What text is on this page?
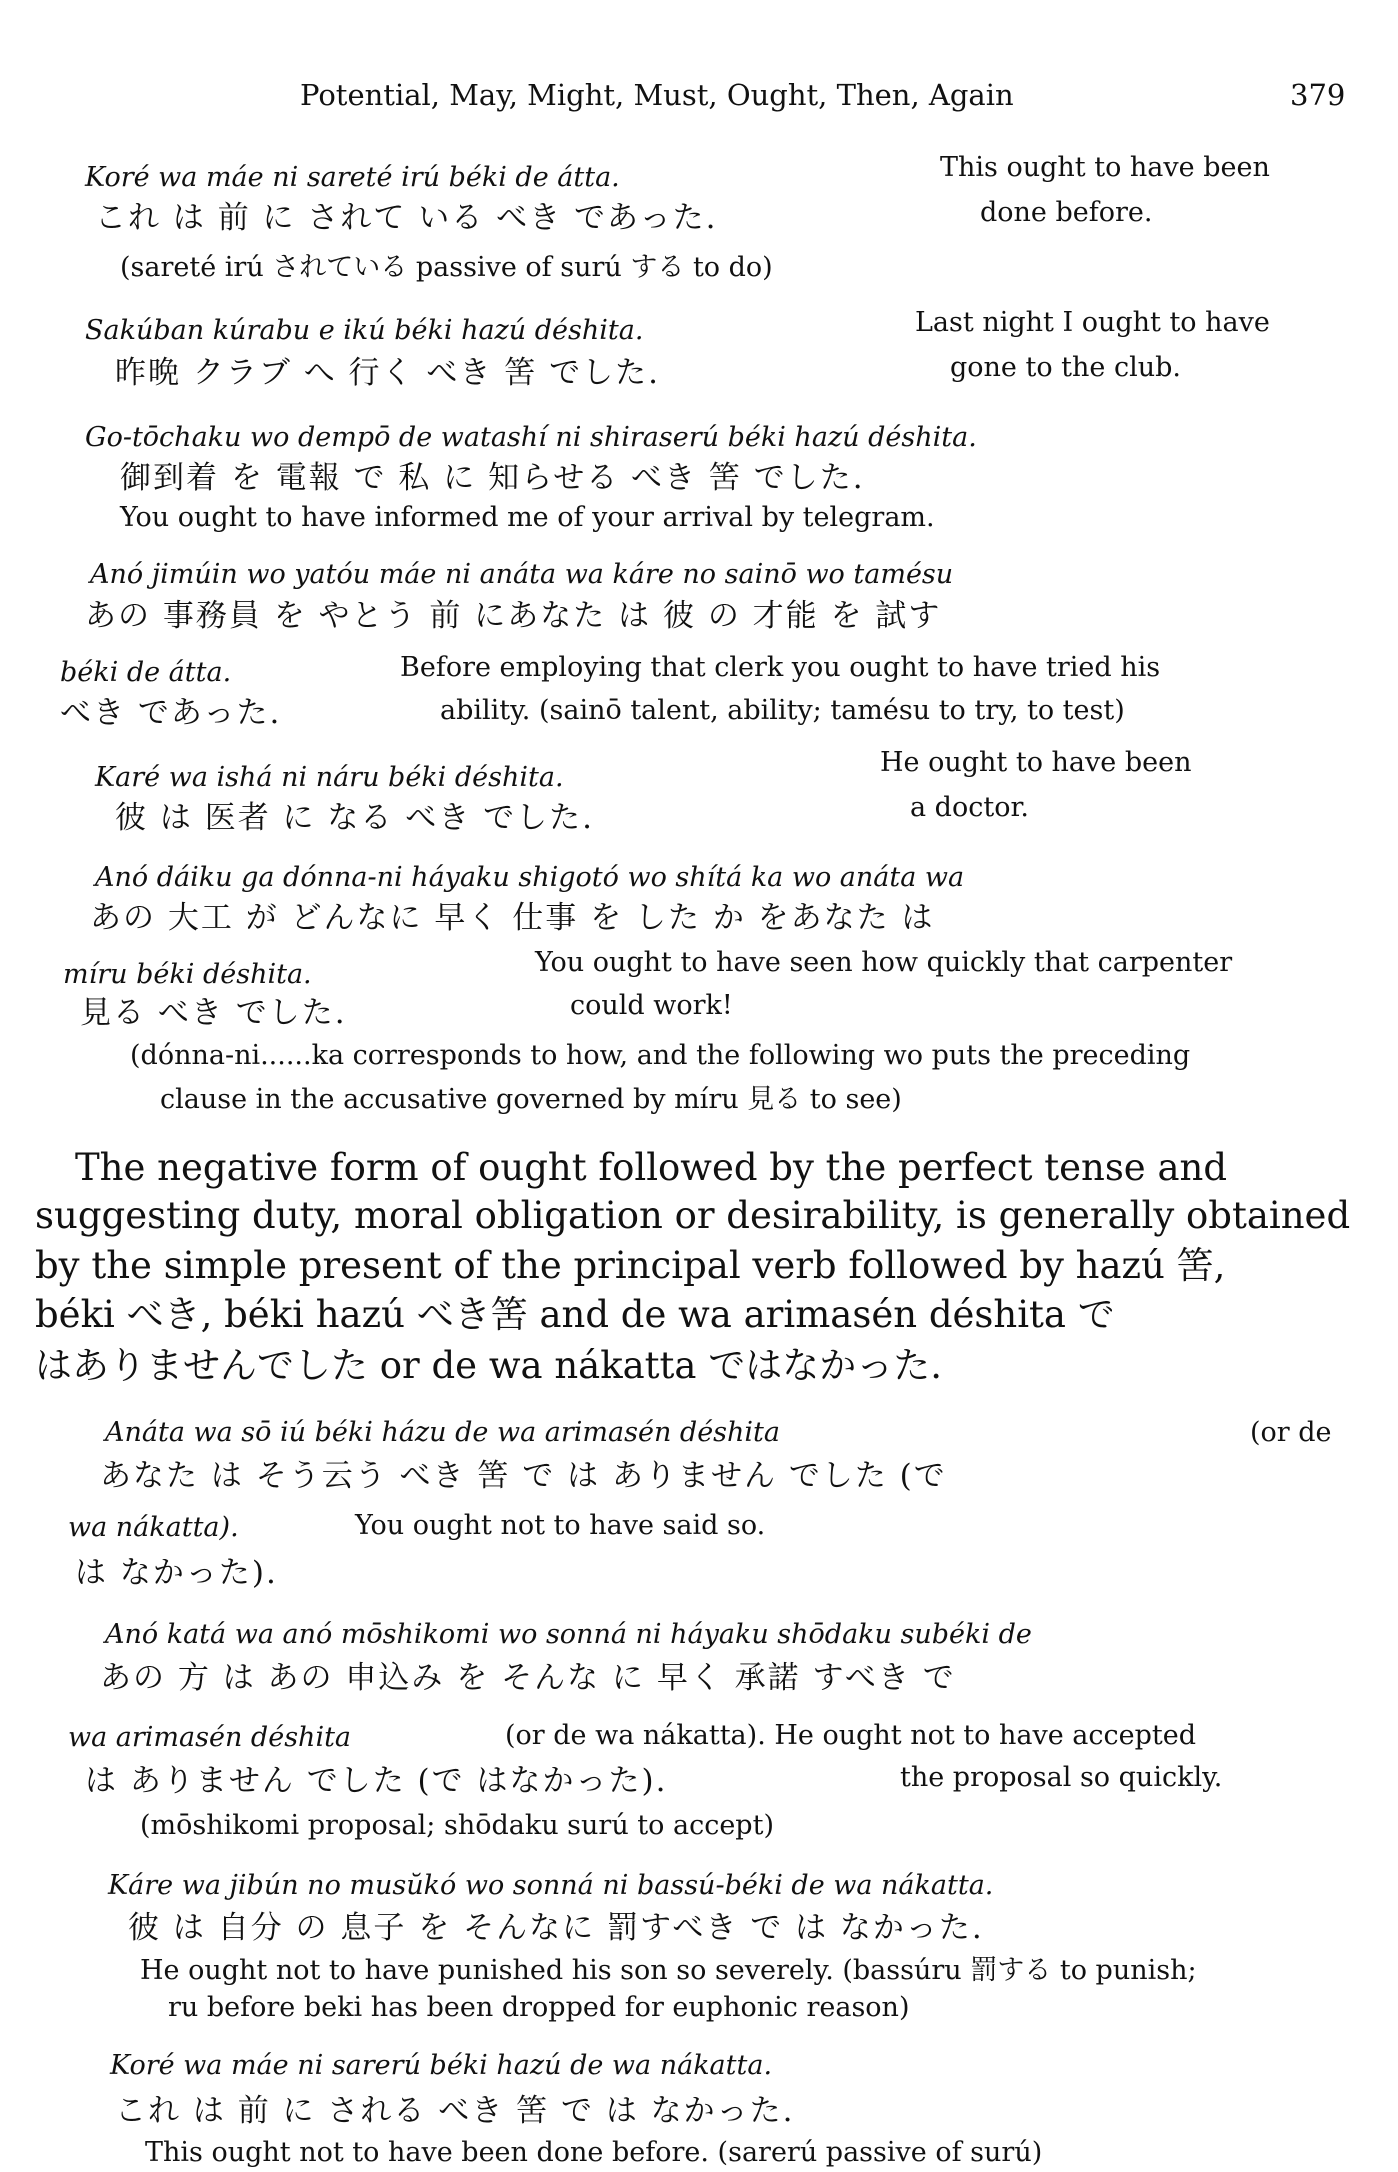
Potential, May, Might, Must, Ought, Then, Again	379
Koré wa máe ni sareté irú béki de átta.	This ought to have been
これ は 前 に されて いる べき であった.	done before.
(sareté irú されている passive of surú する to do)
Sakúban kúrabu e ikú béki hazú déshita.	Last night I ought to have
昨晩 クラブ へ 行く べき 筈 でした.	gone to the club.
Go-tōchaku wo dempō de watashí ni shiraserú béki hazú déshita.
御到着 を 電報 で 私 に 知らせる べき 筈 でした.
You ought to have informed me of your arrival by telegram.
Anó jimúin wo yatóu máe ni anáta wa káre no sainō wo tamésu
あの 事務員 を やとう 前 にあなた は 彼 の 才能 を 試す
béki de átta.	Before employing that clerk you ought to have tried his
べき であった.	ability. (sainō talent, ability; tamésu to try, to test)
Karé wa ishá ni náru béki déshita.	He ought to have been
彼 は 医者 に なる べき でした.	a doctor.
Anó dáiku ga dónna-ni háyaku shigotó wo shítá ka wo anáta wa
あの 大工 が どんなに 早く 仕事 を した か をあなた は
míru béki déshita.	You ought to have seen how quickly that carpenter
見る べき でした.	could work!
(dónna-ni......ka corresponds to how, and the following wo puts the preceding
clause in the accusative governed by míru 見る to see)
The negative form of ought followed by the perfect tense and
suggesting duty, moral obligation or desirability, is generally obtained
by the simple present of the principal verb followed by hazú 筈,
béki べき, béki hazú べき筈 and de wa arimasén déshita で
はありませんでした or de wa nákatta ではなかった.
Anáta wa sō iú béki házu de wa arimasén déshita	(or de
あなた は そう云う べき 筈 で は ありません でした (で
wa nákatta).	You ought not to have said so.
は なかった).
Anó katá wa anó mōshikomi wo sonná ni háyaku shōdaku subéki de
あの 方 は あの 申込み を そんな に 早く 承諾 すべき で
wa arimasén déshita	(or de wa nákatta). He ought not to have accepted
は ありません でした (で はなかった).	the proposal so quickly.
(mōshikomi proposal; shōdaku surú to accept)
Káre wa jibún no musŭkó wo sonná ni bassú-béki de wa nákatta.
彼 は 自分 の 息子 を そんなに 罰すべき で は なかった.
He ought not to have punished his son so severely. (bassúru 罰する to punish;
ru before beki has been dropped for euphonic reason)
Koré wa máe ni sarerú béki hazú de wa nákatta.
これ は 前 に される べき 筈 で は なかった.
This ought not to have been done before. (sarerú passive of surú)
